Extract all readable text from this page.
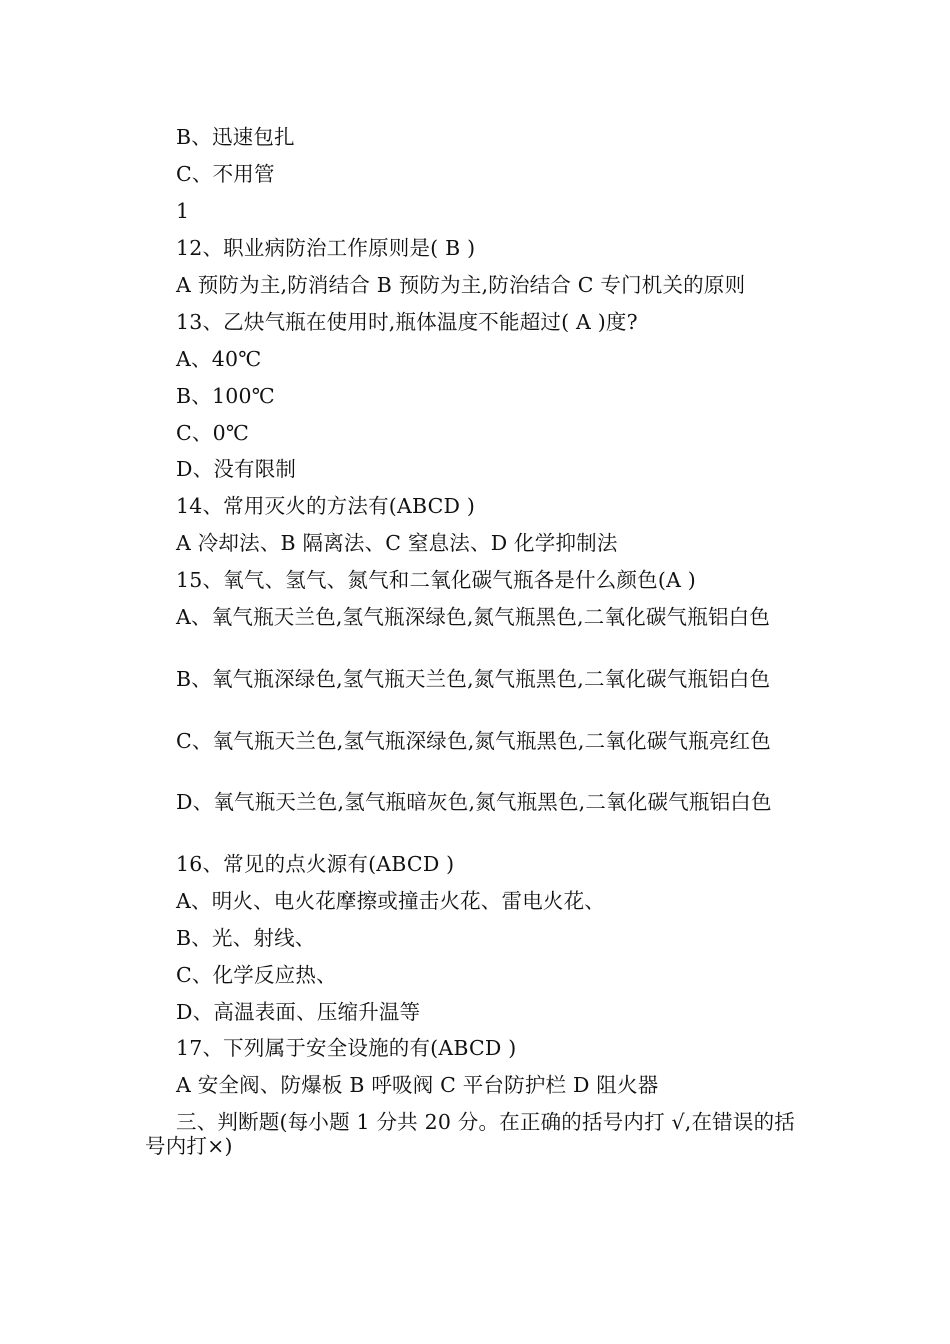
B、迅速包扎
C、不用管
1
12、职业病防治工作原则是( B )
A 预防为主,防消结合 B 预防为主,防治结合 C 专门机关的原则
13、乙炔气瓶在使用时,瓶体温度不能超过( A )度?
A、40℃
B、100℃
C、0℃
D、没有限制
14、常用灭火的方法有(ABCD )
A 冷却法、B 隔离法、C 窒息法、D 化学抑制法
15、氧气、氢气、氮气和二氧化碳气瓶各是什么颜色(A )
A、氧气瓶天兰色,氢气瓶深绿色,氮气瓶黑色,二氧化碳气瓶铝白色
B、氧气瓶深绿色,氢气瓶天兰色,氮气瓶黑色,二氧化碳气瓶铝白色
C、氧气瓶天兰色,氢气瓶深绿色,氮气瓶黑色,二氧化碳气瓶亮红色
D、氧气瓶天兰色,氢气瓶暗灰色,氮气瓶黑色,二氧化碳气瓶铝白色
16、常见的点火源有(ABCD )
A、明火、电火花摩擦或撞击火花、雷电火花、
B、光、射线、
C、化学反应热、
D、高温表面、压缩升温等
17、下列属于安全设施的有(ABCD )
A 安全阀、防爆板 B 呼吸阀 C 平台防护栏 D 阻火器
三、判断题(每小题 1 分共 20 分。在正确的括号内打 √,在错误的括号内打×)
